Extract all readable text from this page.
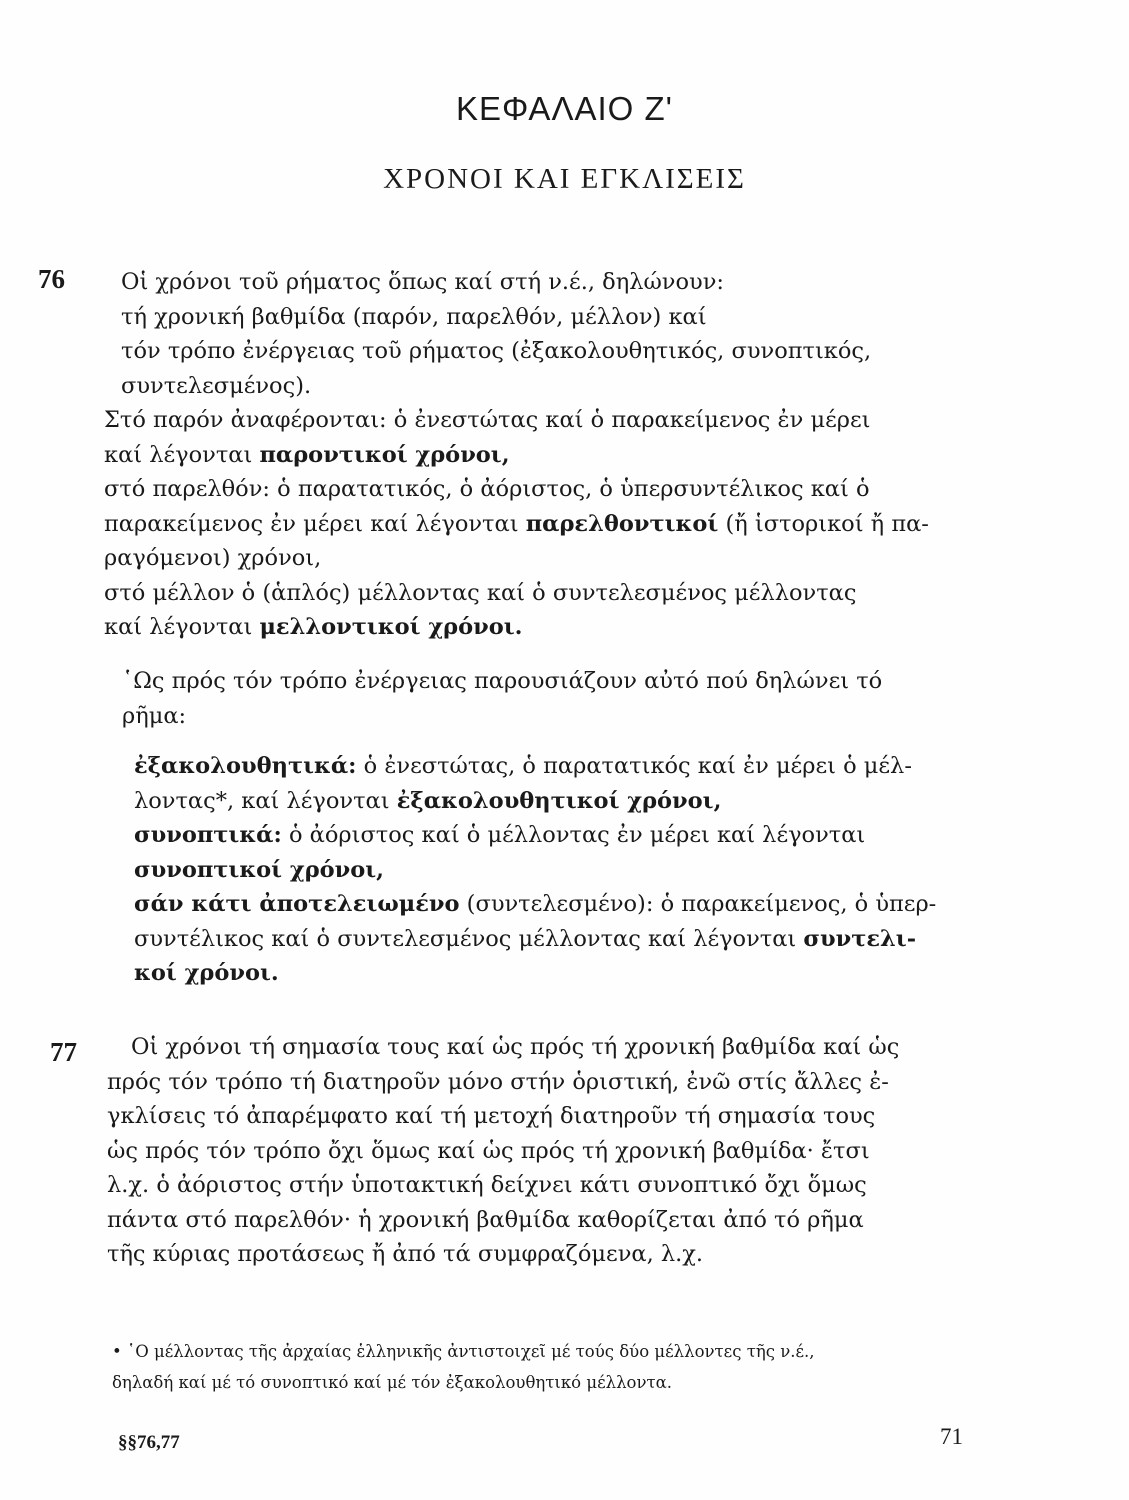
ΚΕΦΑΛΑΙΟ Ζ'
ΧΡΟΝΟΙ ΚΑΙ ΕΓΚΛΙΣΕΙΣ
76 Οἱ χρόνοι τοῦ ρήματος ὅπως καί στή ν.έ., δηλώνουν:
τή χρονική βαθμίδα (παρόν, παρελθόν, μέλλον) καί
τόν τρόπο ἐνέργειας τοῦ ρήματος (ἐξακολουθητικός, συνοπτικός,
συντελεσμένος).
Στό παρόν ἀναφέρονται: ὁ ἐνεστώτας καί ὁ παρακείμενος ἐν μέρει
καί λέγονται παροντικοί χρόνοι,
στό παρελθόν: ὁ παρατατικός, ὁ ἀόριστος, ὁ ὑπερσυντέλικος καί ὁ
παρακείμενος ἐν μέρει καί λέγονται παρελθοντικοί (ἤ ἱστορικοί ἤ πα-
ραγόμενοι) χρόνοι,
στό μέλλον ὁ (ἁπλός) μέλλοντας καί ὁ συντελεσμένος μέλλοντας
καί λέγονται μελλοντικοί χρόνοι.
῾Ως πρός τόν τρόπο ἐνέργειας παρουσιάζουν αὐτό πού δηλώνει τό
ρῆμα:
ἐξακολουθητικά: ὁ ἐνεστώτας, ὁ παρατατικός καί ἐν μέρει ὁ μέλ-
λοντας*, καί λέγονται ἐξακολουθητικοί χρόνοι,
συνοπτικά: ὁ ἀόριστος καί ὁ μέλλοντας ἐν μέρει καί λέγονται
συνοπτικοί χρόνοι,
σάν κάτι ἀποτελειωμένο (συντελεσμένο): ὁ παρακείμενος, ὁ ὑπερ-
συντέλικος καί ὁ συντελεσμένος μέλλοντας καί λέγονται συντελι-
κοί χρόνοι.
77	Οἱ χρόνοι τή σημασία τους καί ὡς πρός τή χρονική βαθμίδα καί ὡς
πρός τόν τρόπο τή διατηροῦν μόνο στήν ὁριστική, ἐνῶ στίς ἄλλες ἐ-
γκλίσεις τό ἀπαρέμφατο καί τή μετοχή διατηροῦν τή σημασία τους
ὡς πρός τόν τρόπο ὄχι ὅμως καί ὡς πρός τή χρονική βαθμίδα· ἔτσι
λ.χ. ὁ ἀόριστος στήν ὑποτακτική δείχνει κάτι συνοπτικό ὄχι ὅμως
πάντα στό παρελθόν· ἡ χρονική βαθμίδα καθορίζεται ἀπό τό ρῆμα
τῆς κύριας προτάσεως ἤ ἀπό τά συμφραζόμενα, λ.χ.
• ῾Ο μέλλοντας τῆς ἀρχαίας ἑλληνικῆς ἀντιστοιχεῖ μέ τούς δύο μέλλοντες τῆς ν.έ.,
δηλαδή καί μέ τό συνοπτικό καί μέ τόν ἐξακολουθητικό μέλλοντα.
§§76,77	71
